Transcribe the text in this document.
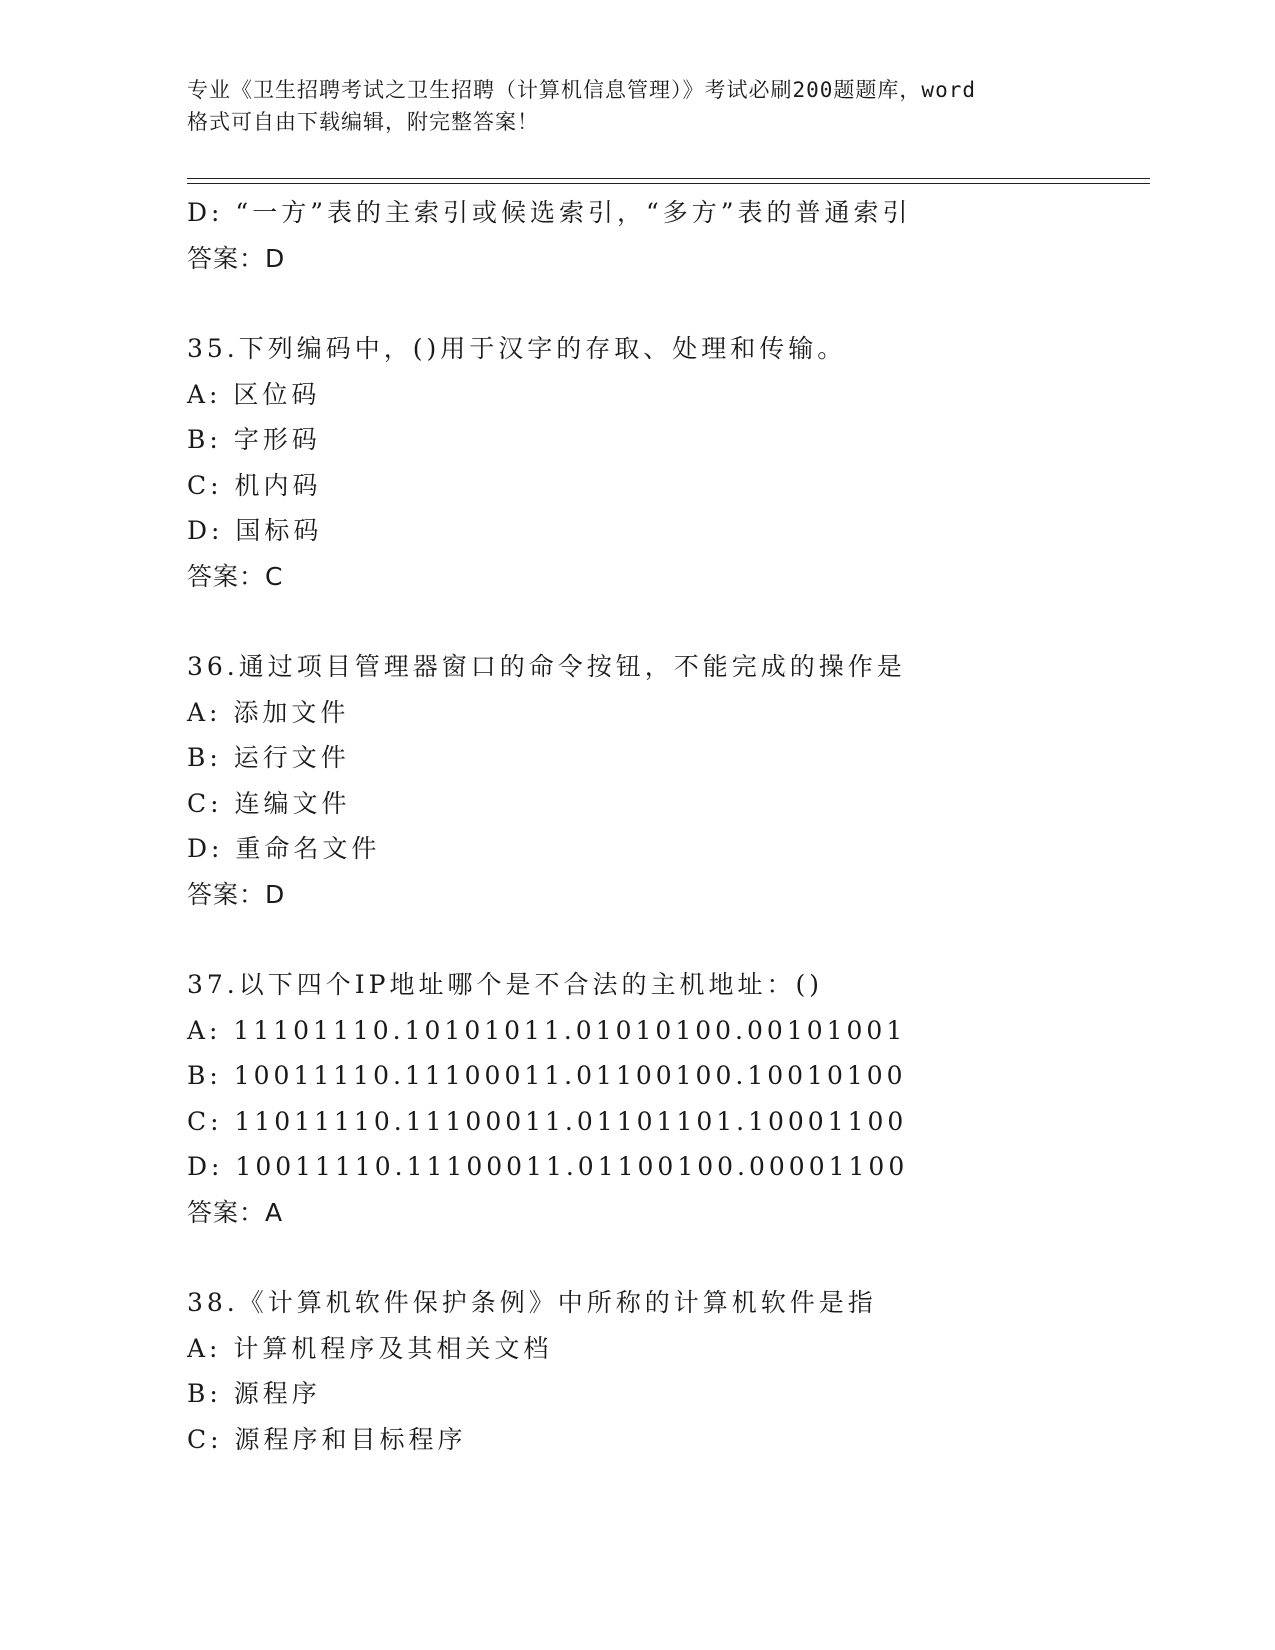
专业《卫生招聘考试之卫生招聘（计算机信息管理）》考试必刷200题题库，word
格式可自由下载编辑，附完整答案！
D: “一方”表的主索引或候选索引，“多方”表的普通索引
答案：D
35.下列编码中，()用于汉字的存取、处理和传输。
A: 区位码
B: 字形码
C: 机内码
D: 国标码
答案：C
36.通过项目管理器窗口的命令按钮，不能完成的操作是
A: 添加文件
B: 运行文件
C: 连编文件
D: 重命名文件
答案：D
37.以下四个IP地址哪个是不合法的主机地址：()
A: 11101110.10101011.01010100.00101001
B: 10011110.11100011.01100100.10010100
C: 11011110.11100011.01101101.10001100
D: 10011110.11100011.01100100.00001100
答案：A
38.《计算机软件保护条例》中所称的计算机软件是指
A: 计算机程序及其相关文档
B: 源程序
C: 源程序和目标程序
